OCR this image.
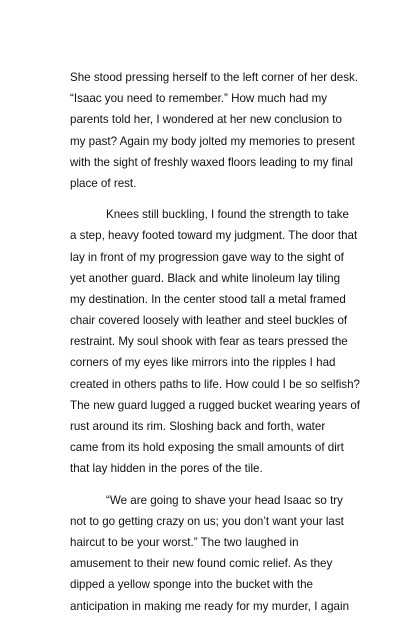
She stood pressing herself to the left corner of her desk.
“Isaac you need to remember.” How much had my
parents told her, I wondered at her new conclusion to
my past? Again my body jolted my memories to present
with the sight of freshly waxed floors leading to my final
place of rest.
Knees still buckling, I found the strength to take
a step, heavy footed toward my judgment. The door that
lay in front of my progression gave way to the sight of
yet another guard. Black and white linoleum lay tiling
my destination. In the center stood tall a metal framed
chair covered loosely with leather and steel buckles of
restraint. My soul shook with fear as tears pressed the
corners of my eyes like mirrors into the ripples I had
created in others paths to life. How could I be so selfish?
The new guard lugged a rugged bucket wearing years of
rust around its rim. Sloshing back and forth, water
came from its hold exposing the small amounts of dirt
that lay hidden in the pores of the tile.
“We are going to shave your head Isaac so try
not to go getting crazy on us; you don’t want your last
haircut to be your worst.” The two laughed in
amusement to their new found comic relief. As they
dipped a yellow sponge into the bucket with the
anticipation in making me ready for my murder, I again
